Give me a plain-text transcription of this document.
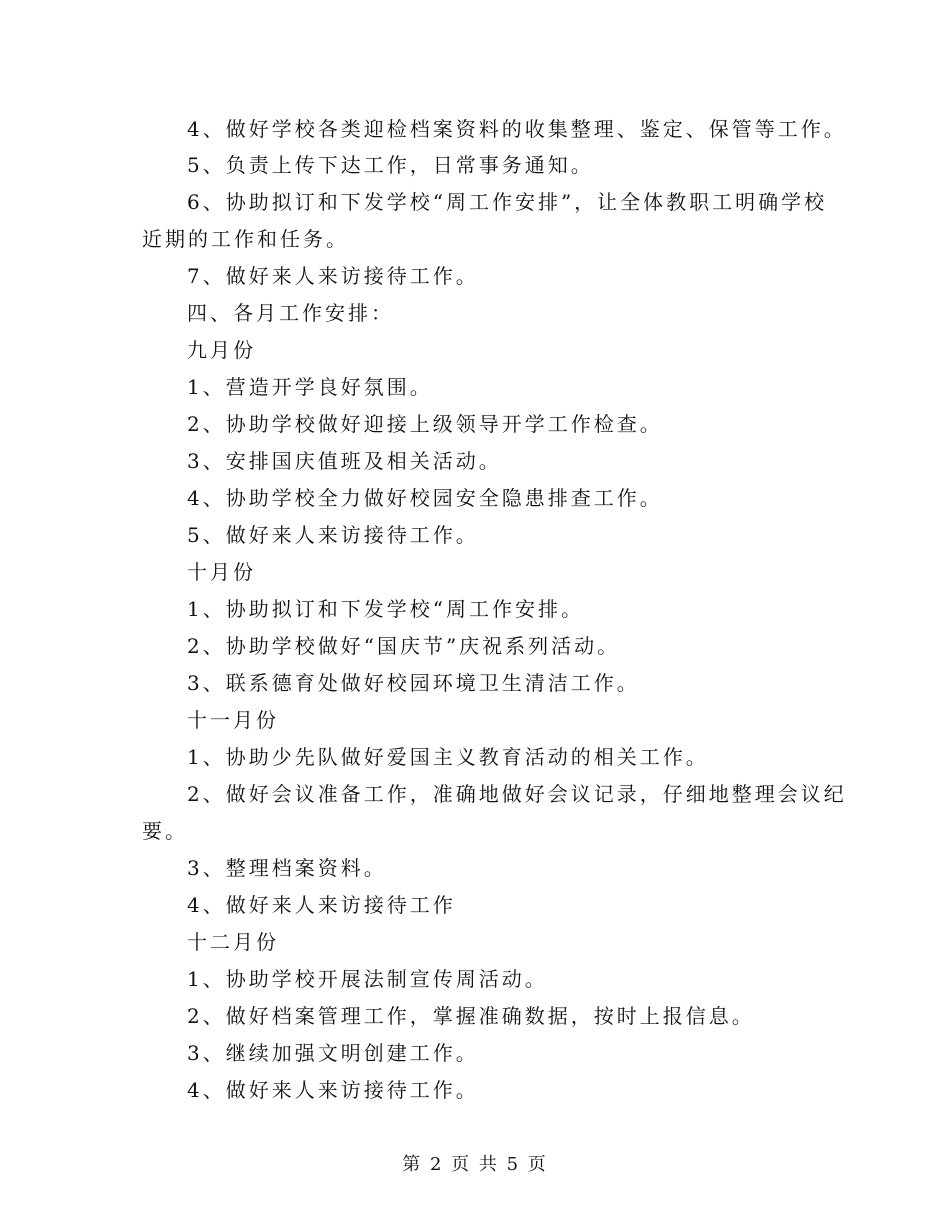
4、做好学校各类迎检档案资料的收集整理、鉴定、保管等工作。
5、负责上传下达工作，日常事务通知。
6、协助拟订和下发学校“周工作安排”，让全体教职工明确学校
近期的工作和任务。
7、做好来人来访接待工作。
四、各月工作安排：
九月份
1、营造开学良好氛围。
2、协助学校做好迎接上级领导开学工作检查。
3、安排国庆值班及相关活动。
4、协助学校全力做好校园安全隐患排查工作。
5、做好来人来访接待工作。
十月份
1、协助拟订和下发学校“周工作安排。
2、协助学校做好“国庆节”庆祝系列活动。
3、联系德育处做好校园环境卫生清洁工作。
十一月份
1、协助少先队做好爱国主义教育活动的相关工作。
2、做好会议准备工作，准确地做好会议记录，仔细地整理会议纪
要。
3、整理档案资料。
4、做好来人来访接待工作
十二月份
1、协助学校开展法制宣传周活动。
2、做好档案管理工作，掌握准确数据，按时上报信息。
3、继续加强文明创建工作。
4、做好来人来访接待工作。
第 2 页 共 5 页
